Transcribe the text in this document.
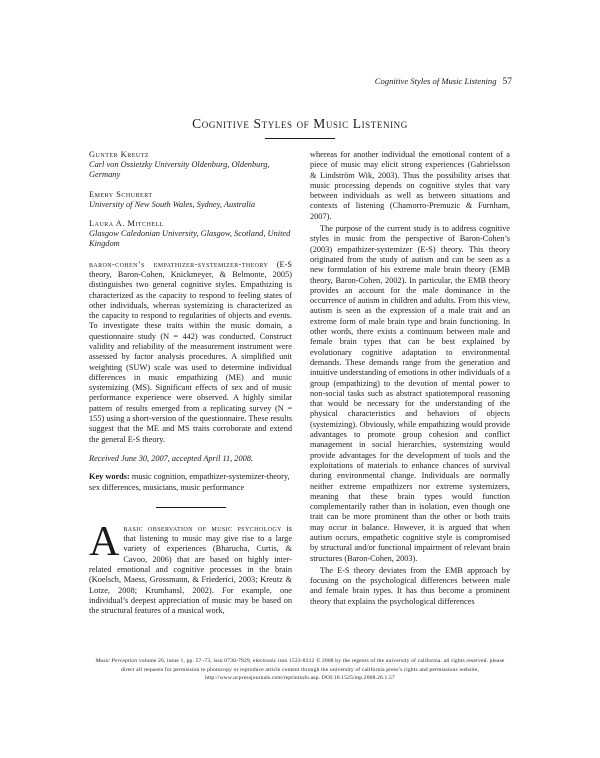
Cognitive Styles of Music Listening 57
Cognitive Styles of Music Listening
Gunter Kreutz
Carl von Ossietzky University Oldenburg, Oldenburg, Germany
Emery Schubert
University of New South Wales, Sydney, Australia
Laura A. Mitchell
Glasgow Caledonian University, Glasgow, Scotland, United Kingdom

baron-cohen’s empathizer-systemizer-theory (E-S theory, Baron-Cohen, Knickmeyer, & Belmonte, 2005) distinguishes two general cognitive styles. Empathizing is characterized as the capacity to respond to feeling states of other individuals, whereas systemizing is characterized as the capacity to respond to regularities of objects and events. To investigate these traits within the music domain, a questionnaire study (N = 442) was conducted. Construct validity and reliability of the measurement instrument were assessed by factor analysis procedures. A simplified unit weighting (SUW) scale was used to determine individual differences in music empathizing (ME) and music systemizing (MS). Significant effects of sex and of music performance experience were observed. A highly similar pattern of results emerged from a replicating survey (N = 155) using a short-version of the questionnaire. These results suggest that the ME and MS traits corroborate and extend the general E-S theory.

Received June 30, 2007, accepted April 11, 2008.

Key words: music cognition, empathizer-systemizer-theory, sex differences, musicians, music performance

Abasic observation of music psychology is that listening to music may give rise to a large variety of experiences (Bharucha, Curtis, & Cavoo, 2006) that are based on highly inter-related emotional and cognitive processes in the brain (Koelsch, Maess, Grossmann, & Friederici, 2003; Kreutz & Lotze, 2008; Krumhansl, 2002). For example, one individual’s deepest appreciation of music may be based on the structural features of a musical work,

whereas for another individual the emotional content of a piece of music may elicit strong experiences (Gabrielsson & Lindström Wik, 2003). Thus the possibility arises that music processing depends on cognitive styles that vary between individuals as well as between situations and contexts of listening (Chamorro-Premuzic & Furnham, 2007).

The purpose of the current study is to address cognitive styles in music from the perspective of Baron-Cohen’s (2003) empathizer-systemizer (E-S) theory. This theory originated from the study of autism and can be seen as a new formulation of his extreme male brain theory (EMB theory, Baron-Cohen, 2002). In particular, the EMB theory provides an account for the male dominance in the occurrence of autism in children and adults. From this view, autism is seen as the expression of a male trait and an extreme form of male brain type and brain functioning. In other words, there exists a continuum between male and female brain types that can be best explained by evolutionary cognitive adaptation to environmental demands. These demands range from the generation and intuitive understanding of emotions in other individuals of a group (empathizing) to the devotion of mental power to non-social tasks such as abstract spatiotemporal reasoning that would be necessary for the understanding of the physical characteristics and behaviors of objects (systemizing). Obviously, while empathizing would provide advantages to promote group cohesion and conflict management in social hierarchies, systemizing would provide advantages for the development of tools and the exploitations of materials to enhance chances of survival during environmental change. Individuals are normally neither extreme empathizers nor extreme systemizers, meaning that these brain types would function complementarily rather than in isolation, even though one trait can be more prominent than the other or both traits may occur in balance. However, it is argued that when autism occurs, empathetic cognitive style is compromised by structural and/or functional impairment of relevant brain structures (Baron-Cohen, 2003).

The E-S theory deviates from the EMB approach by focusing on the psychological differences between male and female brain types. It has thus become a prominent theory that explains the psychological differences

Music Perception volume 26, issue 1, pp. 57–73, issn 0730-7829, electronic issn 1533-8312 © 2008 by the regents of the university of california. all rights reserved. please direct all requests for permission to photocopy or reproduce article content through the university of california press’s rights and permissions website, http://www.ucpressjournals.com/reprintinfo.asp. DOI:10.1525/mp.2008.26.1.57
